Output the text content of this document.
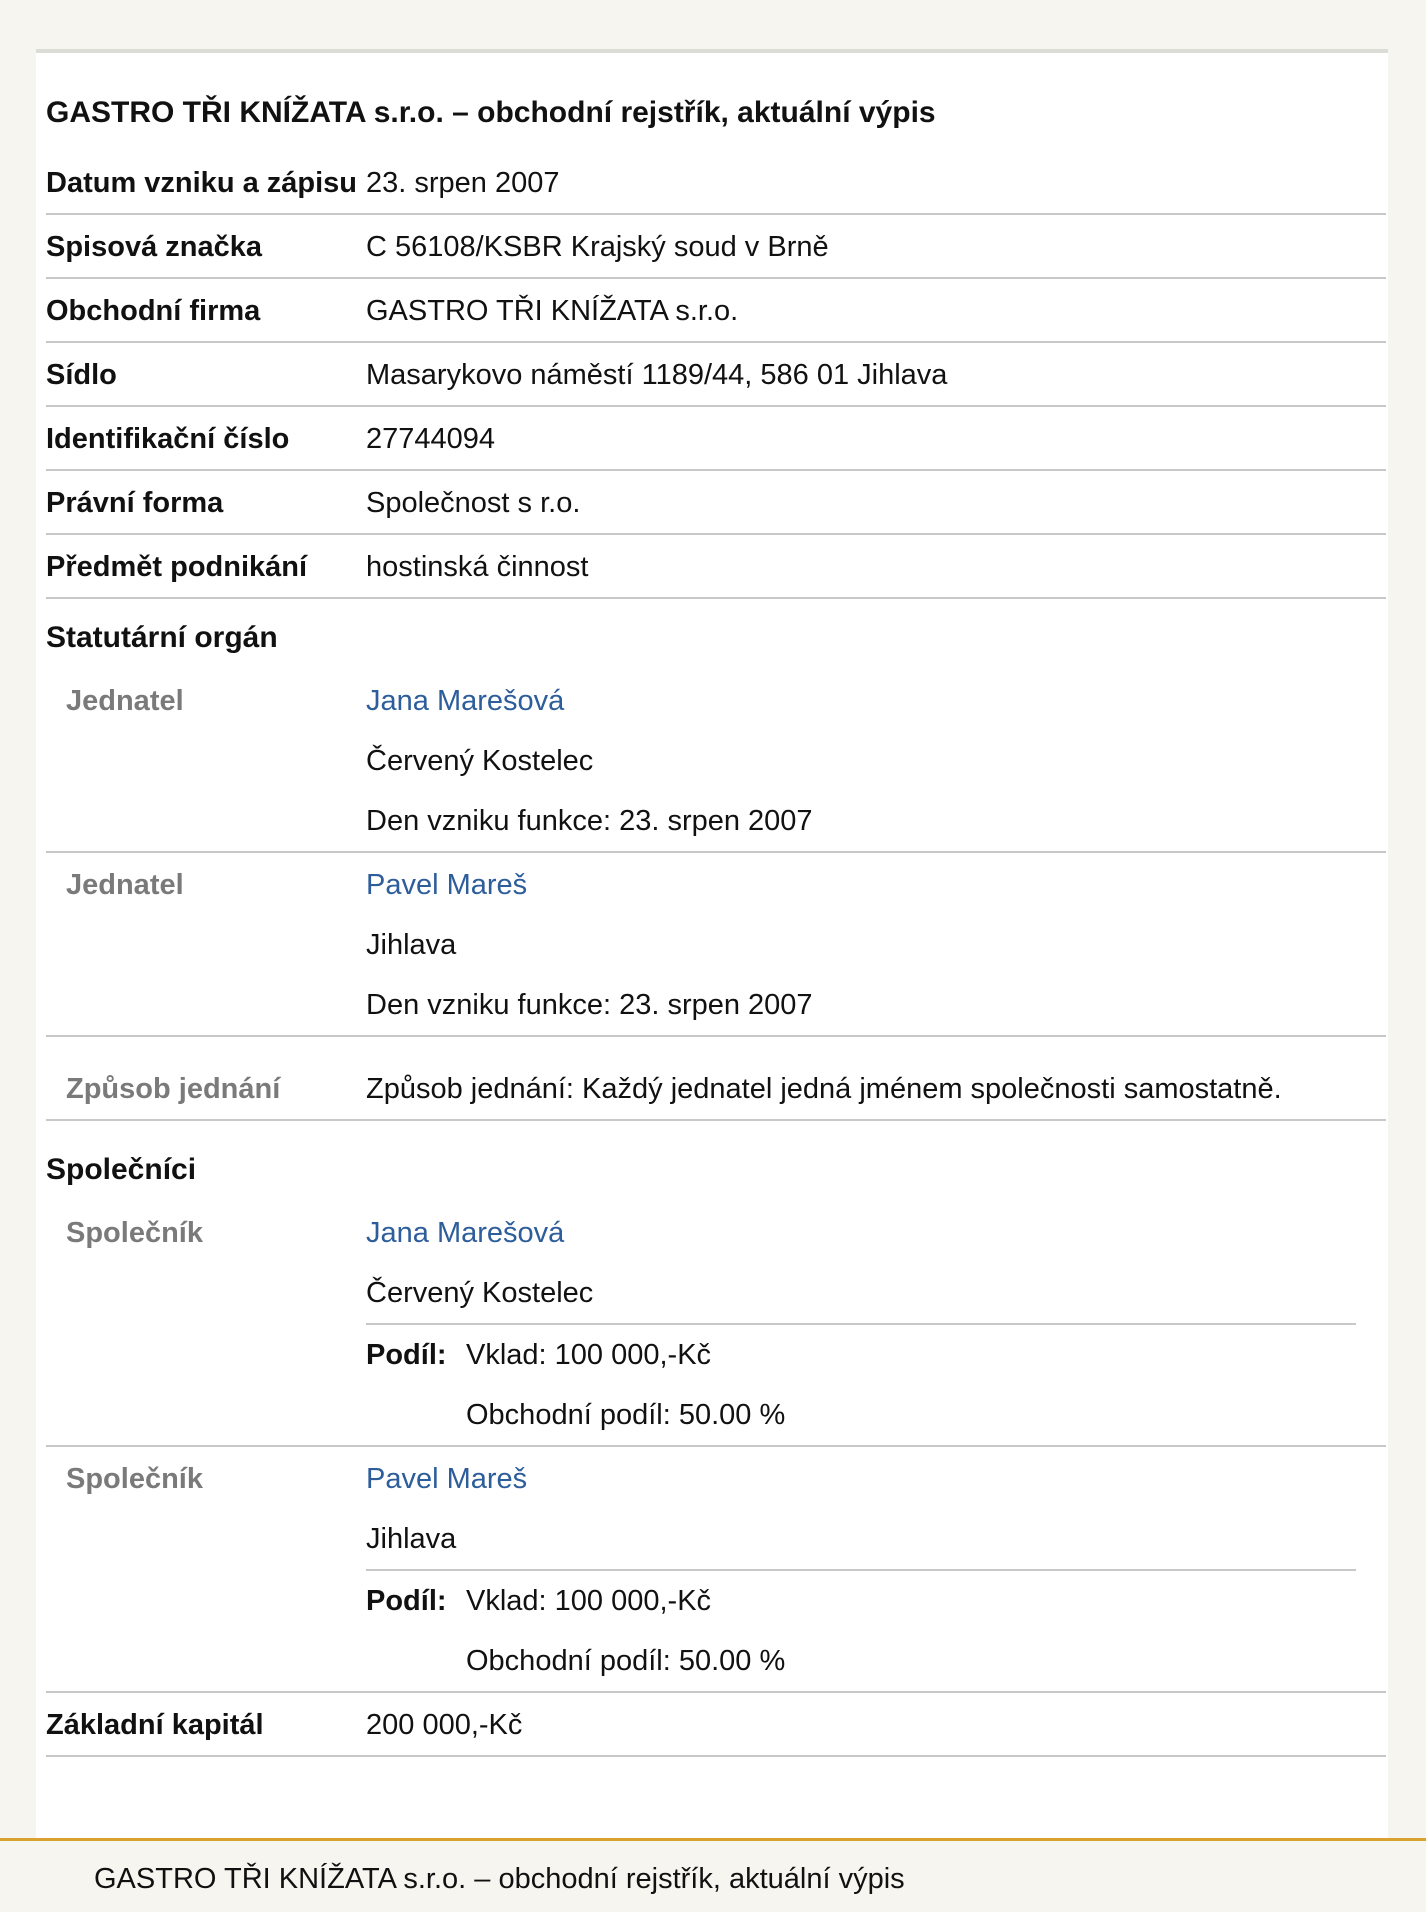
GASTRO TŘI KNÍŽATA s.r.o. – obchodní rejstřík, aktuální výpis
Datum vzniku a zápisu 23. srpen 2007
Spisová značka	C 56108/KSBR Krajský soud v Brně
Obchodní firma	GASTRO TŘI KNÍŽATA s.r.o.
Sídlo	Masarykovo náměstí 1189/44, 586 01 Jihlava
Identifikační číslo	27744094
Právní forma	Společnost s r.o.
Předmět podnikání	hostinská činnost
Statutární orgán
Jednatel	Jana Marešová
Červený Kostelec
Den vzniku funkce: 23. srpen 2007
Jednatel	Pavel Mareš
Jihlava
Den vzniku funkce: 23. srpen 2007
Způsob jednání	Způsob jednání: Každý jednatel jedná jménem společnosti samostatně.
Společníci
Společník	Jana Marešová
Červený Kostelec
Podíl: Vklad: 100 000,-Kč
Obchodní podíl: 50.00 %
Společník	Pavel Mareš
Jihlava
Podíl: Vklad: 100 000,-Kč
Obchodní podíl: 50.00 %
Základní kapitál	200 000,-Kč
GASTRO TŘI KNÍŽATA s.r.o. – obchodní rejstřík, aktuální výpis
